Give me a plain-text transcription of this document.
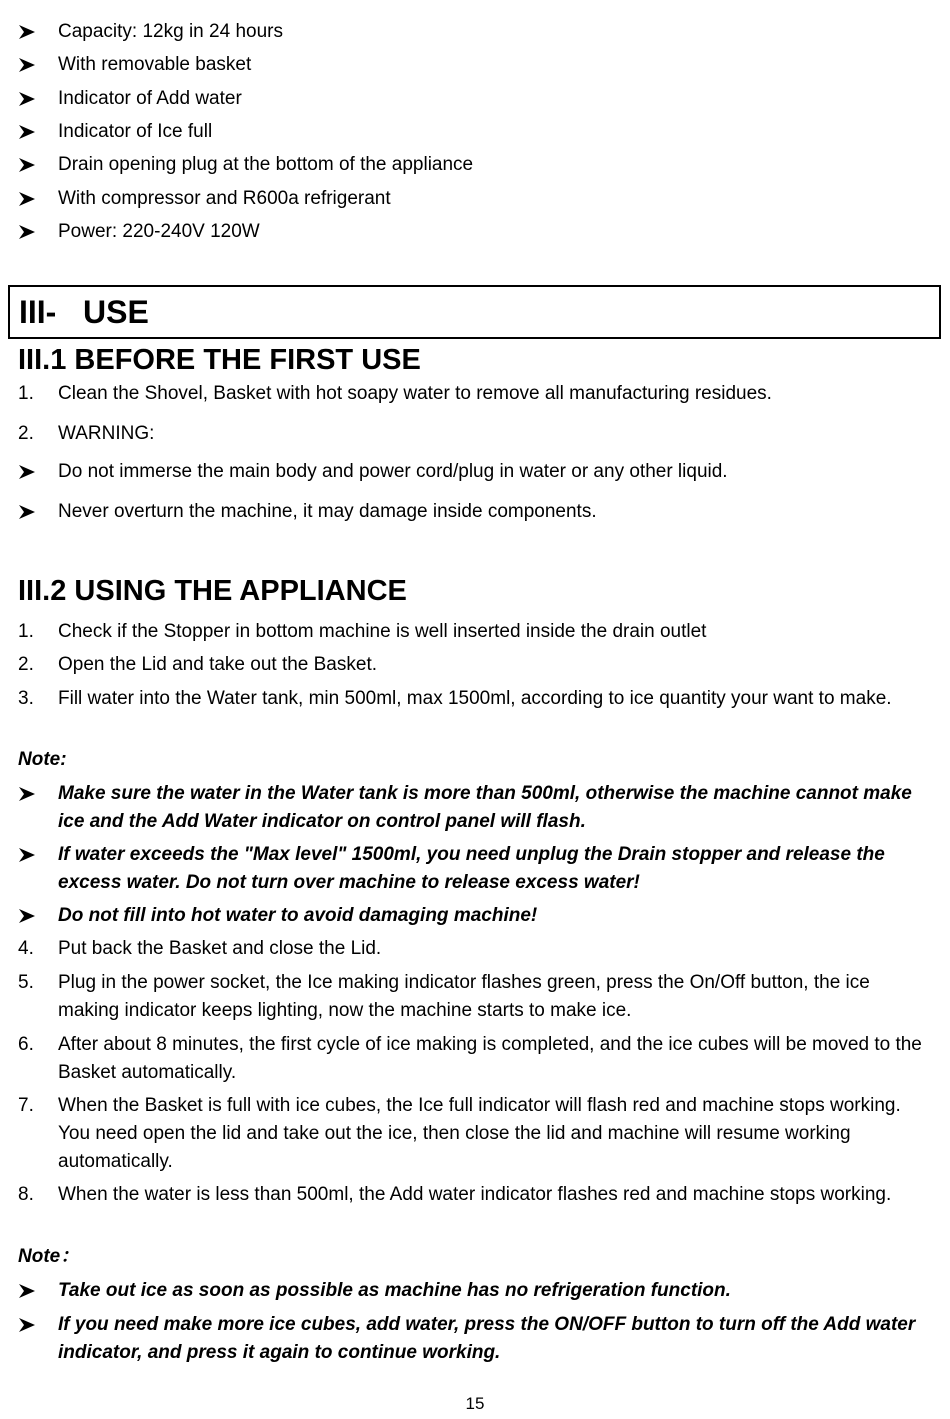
Capacity: 12kg in 24 hours
With removable basket
Indicator of Add water
Indicator of Ice full
Drain opening plug at the bottom of the appliance
With compressor and R600a refrigerant
Power: 220-240V 120W
III-   USE
III.1 BEFORE THE FIRST USE
1. Clean the Shovel, Basket with hot soapy water to remove all manufacturing residues.
2. WARNING:
Do not immerse the main body and power cord/plug in water or any other liquid.
Never overturn the machine, it may damage inside components.
III.2 USING THE APPLIANCE
1. Check if the Stopper in bottom machine is well inserted inside the drain outlet
2. Open the Lid and take out the Basket.
3. Fill water into the Water tank, min 500ml, max 1500ml, according to ice quantity your want to make.
Note:
Make sure the water in the Water tank is more than 500ml, otherwise the machine cannot make ice and the Add Water indicator on control panel will flash.
If water exceeds the "Max level" 1500ml, you need unplug the Drain stopper and release the excess water. Do not turn over machine to release excess water!
Do not fill into hot water to avoid damaging machine!
4. Put back the Basket and close the Lid.
5. Plug in the power socket, the Ice making indicator flashes green, press the On/Off button, the ice making indicator keeps lighting, now the machine starts to make ice.
6. After about 8 minutes, the first cycle of ice making is completed, and the ice cubes will be moved to the Basket automatically.
7. When the Basket is full with ice cubes, the Ice full indicator will flash red and machine stops working. You need open the lid and take out the ice, then close the lid and machine will resume working automatically.
8. When the water is less than 500ml, the Add water indicator flashes red and machine stops working.
Note：
Take out ice as soon as possible as machine has no refrigeration function.
If you need make more ice cubes, add water, press the ON/OFF button to turn off the Add water indicator, and press it again to continue working.
15
